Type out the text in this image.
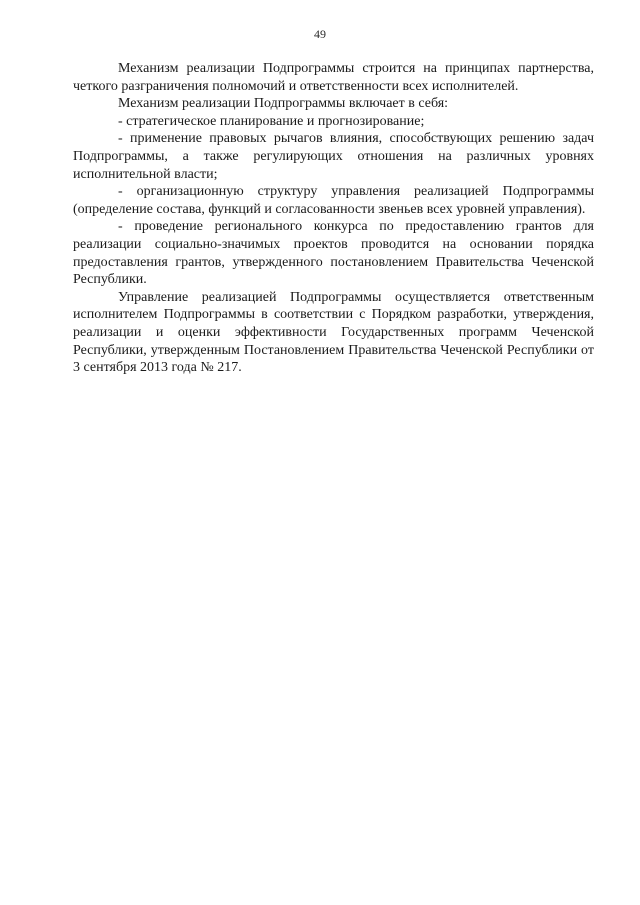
49

Механизм реализации Подпрограммы строится на принципах партнерства, четкого разграничения полномочий и ответственности всех исполнителей.

Механизм реализации Подпрограммы включает в себя:

- стратегическое планирование и прогнозирование;

- применение правовых рычагов влияния, способствующих решению задач Подпрограммы, а также регулирующих отношения на различных уровнях исполнительной власти;

- организационную структуру управления реализацией Подпрограммы (определение состава, функций и согласованности звеньев всех уровней управления).

- проведение регионального конкурса по предоставлению грантов для реализации социально-значимых проектов проводится на основании порядка предоставления грантов, утвержденного постановлением Правительства Чеченской Республики.

Управление реализацией Подпрограммы осуществляется ответственным исполнителем Подпрограммы в соответствии с Порядком разработки, утверждения, реализации и оценки эффективности Государственных программ Чеченской Республики, утвержденным Постановлением Правительства Чеченской Республики от 3 сентября 2013 года № 217.
